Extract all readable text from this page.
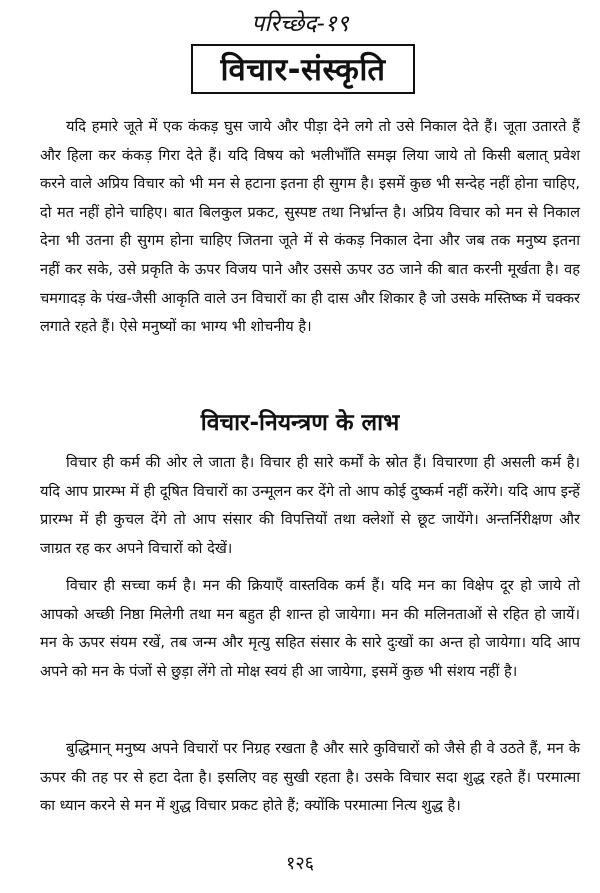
परिच्छेद-१९
विचार-संस्कृति

यदि हमारे जूते में एक कंकड़ घुस जाये और पीड़ा देने लगे तो उसे निकाल देते हैं। जूता उतारते हैं और हिला कर कंकड़ गिरा देते हैं। यदि विषय को भलीभाँति समझ लिया जाये तो किसी बलात् प्रवेश करने वाले अप्रिय विचार को भी मन से हटाना इतना ही सुगम है। इसमें कुछ भी सन्देह नहीं होना चाहिए, दो मत नहीं होने चाहिए। बात बिलकुल प्रकट, सुस्पष्ट तथा निर्भ्रान्त है। अप्रिय विचार को मन से निकाल देना भी उतना ही सुगम होना चाहिए जितना जूते में से कंकड़ निकाल देना और जब तक मनुष्य इतना नहीं कर सके, उसे प्रकृति के ऊपर विजय पाने और उससे ऊपर उठ जाने की बात करनी मूर्खता है। वह चमगादड़ के पंख-जैसी आकृति वाले उन विचारों का ही दास और शिकार है जो उसके मस्तिष्क में चक्कर लगाते रहते हैं। ऐसे मनुष्यों का भाग्य भी शोचनीय है।

विचार-नियन्त्रण के लाभ

विचार ही कर्म की ओर ले जाता है। विचार ही सारे कर्मों के स्रोत हैं। विचारणा ही असली कर्म है। यदि आप प्रारम्भ में ही दूषित विचारों का उन्मूलन कर देंगे तो आप कोई दुष्कर्म नहीं करेंगे। यदि आप इन्हें प्रारम्भ में ही कुचल देंगे तो आप संसार की विपत्तियों तथा क्लेशों से छूट जायेंगे। अन्तर्निरीक्षण और जाग्रत रह कर अपने विचारों को देखें।

विचार ही सच्चा कर्म है। मन की क्रियाएँ वास्तविक कर्म हैं। यदि मन का विक्षेप दूर हो जाये तो आपको अच्छी निष्ठा मिलेगी तथा मन बहुत ही शान्त हो जायेगा। मन की मलिनताओं से रहित हो जायें। मन के ऊपर संयम रखें, तब जन्म और मृत्यु सहित संसार के सारे दुःखों का अन्त हो जायेगा। यदि आप अपने को मन के पंजों से छुड़ा लेंगे तो मोक्ष स्वयं ही आ जायेगा, इसमें कुछ भी संशय नहीं है।

बुद्धिमान् मनुष्य अपने विचारों पर निग्रह रखता है और सारे कुविचारों को जैसे ही वे उठते हैं, मन के ऊपर की तह पर से हटा देता है। इसलिए वह सुखी रहता है। उसके विचार सदा शुद्ध रहते हैं। परमात्मा का ध्यान करने से मन में शुद्ध विचार प्रकट होते हैं; क्योंकि परमात्मा नित्य शुद्ध है।

१२६
